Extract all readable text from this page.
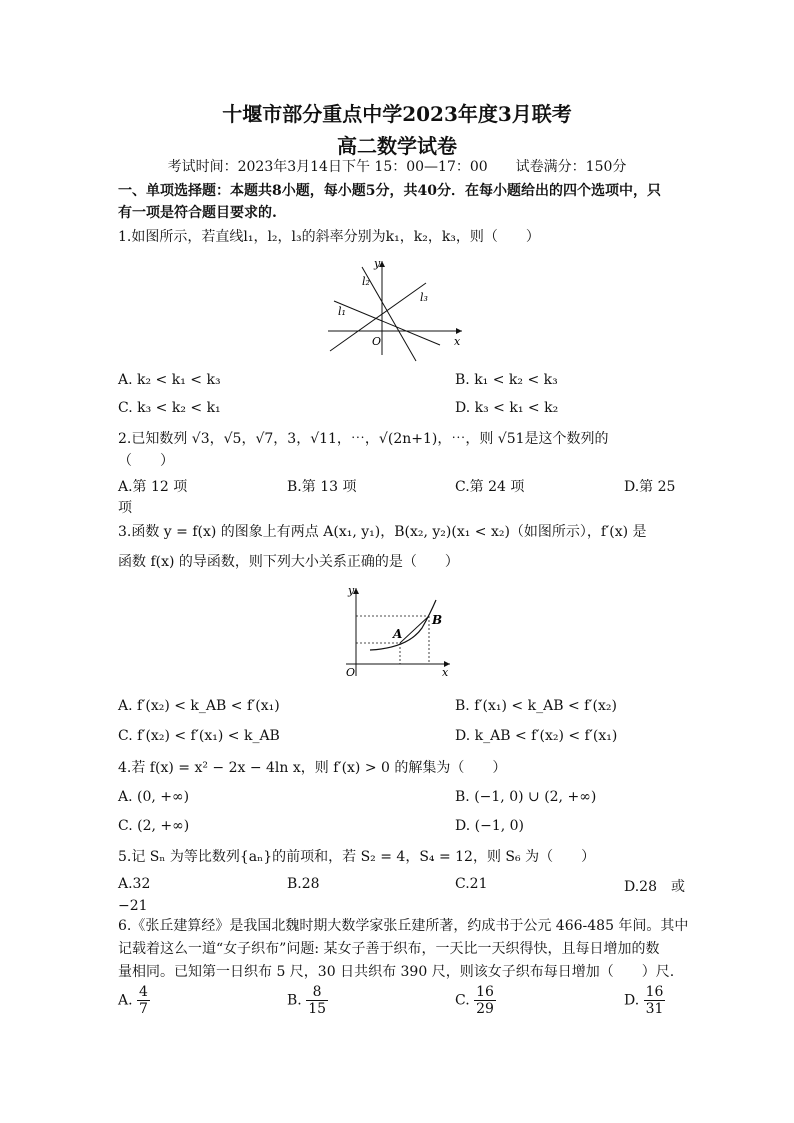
十堰市部分重点中学2023年度3月联考
高二数学试卷
考试时间：2023年3月14日下午 15：00—17：00　　试卷满分：150分
一、单项选择题：本题共8小题，每小题5分，共40分．在每小题给出的四个选项中，只
有一项是符合题目要求的.
1.如图所示，若直线l₁，l₂，l₃的斜率分别为k₁，k₂，k₃，则（　　）
y
x
O
l₁
l₂
l₃
A. k₂ < k₁ < k₃	B. k₁ < k₂ < k₃
C. k₃ < k₂ < k₁	D. k₃ < k₁ < k₂
2.已知数列 √3，√5，√7，3，√11，⋯，√(2n+1)，⋯，则 √51是这个数列的
（　　）
A.第 12 项	B.第 13 项	C.第 24 项	D.第 25
项
3.函数 y = f(x) 的图象上有两点 A(x₁, y₁)，B(x₂, y₂)(x₁ < x₂)（如图所示），f′(x) 是
函数 f(x) 的导函数，则下列大小关系正确的是（　　）
y
x
O
A
B
A. f′(x₂) < k_AB < f′(x₁)	B. f′(x₁) < k_AB < f′(x₂)
C. f′(x₂) < f′(x₁) < k_AB	D. k_AB < f′(x₂) < f′(x₁)
4.若 f(x) = x² − 2x − 4ln x，则 f′(x) > 0 的解集为（　　）
A. (0, +∞)	B. (−1, 0) ∪ (2, +∞)
C. (2, +∞)	D. (−1, 0)
5.记 Sₙ 为等比数列{aₙ}的前项和，若 S₂ = 4，S₄ = 12，则 S₆ 为（　　）
A.32	B.28	C.21	D.28　或
−21
6.《张丘建算经》是我国北魏时期大数学家张丘建所著，约成书于公元 466-485 年间。其中
记载着这么一道“女子织布”问题: 某女子善于织布，一天比一天织得快，且每日增加的数
量相同。已知第一日织布 5 尺，30 日共织布 390 尺，则该女子织布每日增加（　　）尺.
A. $\frac{4}{7}$	B. $\frac{8}{15}$	C. $\frac{16}{29}$	D. $\frac{16}{31}$
